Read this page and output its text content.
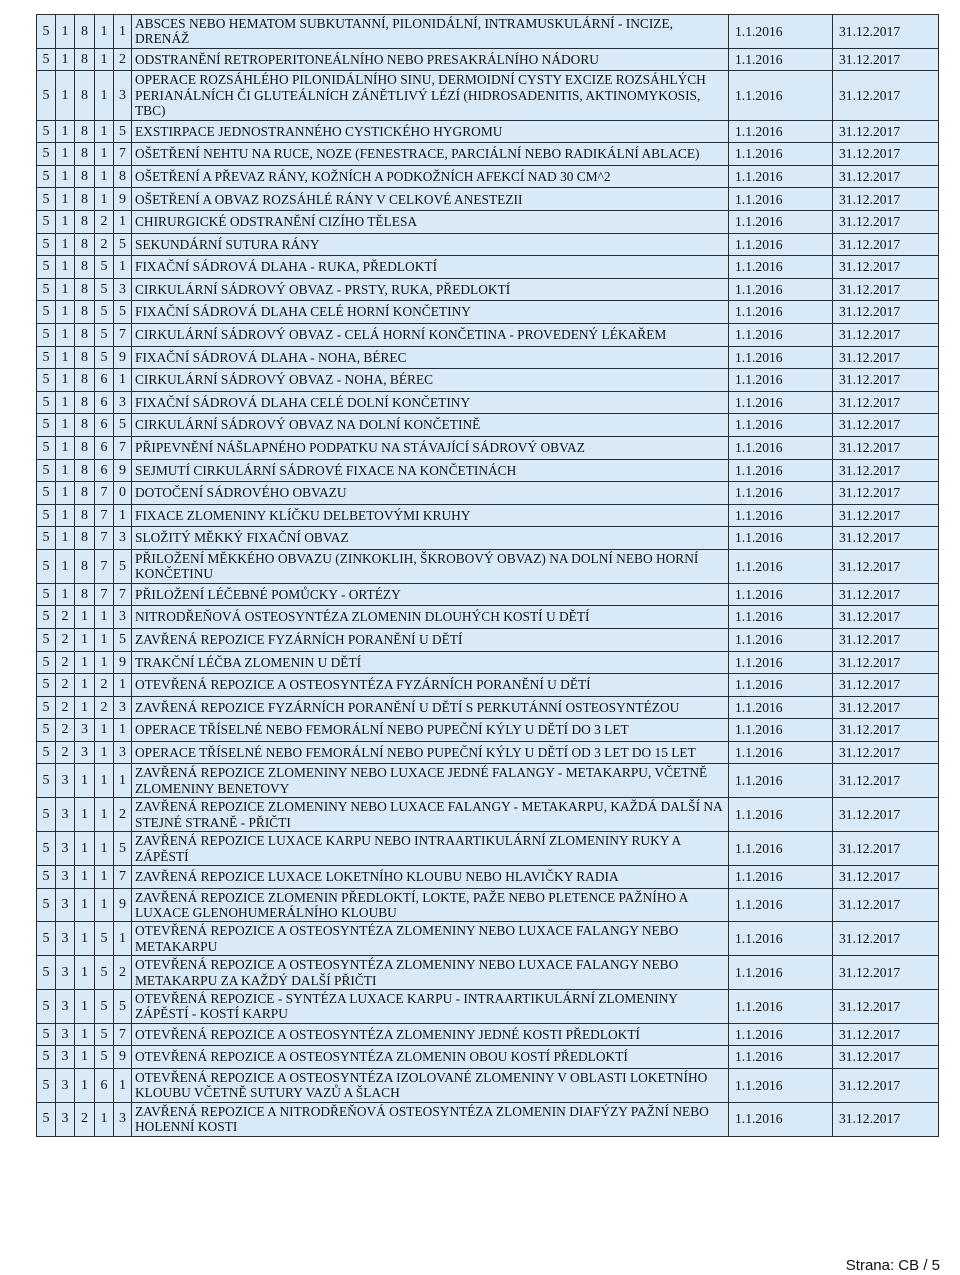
5	1	8	1	1	ABSCES NEBO HEMATOM SUBKUTANNÍ, PILONIDÁLNÍ, INTRAMUSKULÁRNÍ - INCIZE, DRENÁŽ	1.1.2016	31.12.2017
5	1	8	1	2	ODSTRANĚNÍ RETROPERITONEÁLNÍHO NEBO PRESAKRÁLNÍHO NÁDORU	1.1.2016	31.12.2017
5	1	8	1	3	OPERACE ROZSÁHLÉHO PILONIDÁLNÍHO SINU, DERMOIDNÍ CYSTY EXCIZE ROZSÁHLÝCH PERIANÁLNÍCH ČI GLUTEÁLNÍCH ZÁNĚTLIVÝ LÉZÍ (HIDROSADENITIS, AKTINOMYKOSIS, TBC)	1.1.2016	31.12.2017
5	1	8	1	5	EXSTIRPACE JEDNOSTRANNÉHO CYSTICKÉHO HYGROMU	1.1.2016	31.12.2017
5	1	8	1	7	OŠETŘENÍ NEHTU NA RUCE, NOZE (FENESTRACE, PARCIÁLNÍ NEBO RADIKÁLNÍ ABLACE)	1.1.2016	31.12.2017
5	1	8	1	8	OŠETŘENÍ A PŘEVAZ RÁNY, KOŽNÍCH A PODKOŽNÍCH AFEKCÍ NAD 30 CM^2	1.1.2016	31.12.2017
5	1	8	1	9	OŠETŘENÍ A OBVAZ ROZSÁHLÉ RÁNY V CELKOVÉ ANESTEZII	1.1.2016	31.12.2017
5	1	8	2	1	CHIRURGICKÉ ODSTRANĚNÍ CIZÍHO TĚLESA	1.1.2016	31.12.2017
5	1	8	2	5	SEKUNDÁRNÍ SUTURA RÁNY	1.1.2016	31.12.2017
5	1	8	5	1	FIXAČNÍ SÁDROVÁ DLAHA - RUKA, PŘEDLOKTÍ	1.1.2016	31.12.2017
5	1	8	5	3	CIRKULÁRNÍ SÁDROVÝ OBVAZ - PRSTY, RUKA, PŘEDLOKTÍ	1.1.2016	31.12.2017
5	1	8	5	5	FIXAČNÍ SÁDROVÁ DLAHA CELÉ HORNÍ KONČETINY	1.1.2016	31.12.2017
5	1	8	5	7	CIRKULÁRNÍ SÁDROVÝ OBVAZ - CELÁ HORNÍ KONČETINA - PROVEDENÝ LÉKAŘEM	1.1.2016	31.12.2017
5	1	8	5	9	FIXAČNÍ SÁDROVÁ DLAHA - NOHA, BÉREC	1.1.2016	31.12.2017
5	1	8	6	1	CIRKULÁRNÍ SÁDROVÝ OBVAZ - NOHA, BÉREC	1.1.2016	31.12.2017
5	1	8	6	3	FIXAČNÍ SÁDROVÁ DLAHA CELÉ DOLNÍ KONČETINY	1.1.2016	31.12.2017
5	1	8	6	5	CIRKULÁRNÍ SÁDROVÝ OBVAZ NA DOLNÍ KONČETINĚ	1.1.2016	31.12.2017
5	1	8	6	7	PŘIPEVNĚNÍ NÁŠLAPNÉHO PODPATKU NA STÁVAJÍCÍ SÁDROVÝ OBVAZ	1.1.2016	31.12.2017
5	1	8	6	9	SEJMUTÍ CIRKULÁRNÍ SÁDROVÉ FIXACE NA KONČETINÁCH	1.1.2016	31.12.2017
5	1	8	7	0	DOTOČENÍ SÁDROVÉHO OBVAZU	1.1.2016	31.12.2017
5	1	8	7	1	FIXACE ZLOMENINY KLÍČKU DELBETOVÝMI KRUHY	1.1.2016	31.12.2017
5	1	8	7	3	SLOŽITÝ MĚKKÝ FIXAČNÍ OBVAZ	1.1.2016	31.12.2017
5	1	8	7	5	PŘILOŽENÍ MĚKKÉHO OBVAZU (ZINKOKLIH, ŠKROBOVÝ OBVAZ) NA DOLNÍ NEBO HORNÍ KONČETINU	1.1.2016	31.12.2017
5	1	8	7	7	PŘILOŽENÍ LÉČEBNÉ POMŮCKY - ORTÉZY	1.1.2016	31.12.2017
5	2	1	1	3	NITRODŘEŇOVÁ OSTEOSYNTÉZA ZLOMENIN DLOUHÝCH KOSTÍ U DĚTÍ	1.1.2016	31.12.2017
5	2	1	1	5	ZAVŘENÁ REPOZICE FYZÁRNÍCH PORANĚNÍ U DĚTÍ	1.1.2016	31.12.2017
5	2	1	1	9	TRAKČNÍ LÉČBA ZLOMENIN U DĚTÍ	1.1.2016	31.12.2017
5	2	1	2	1	OTEVŘENÁ REPOZICE A OSTEOSYNTÉZA FYZÁRNÍCH PORANĚNÍ U DĚTÍ	1.1.2016	31.12.2017
5	2	1	2	3	ZAVŘENÁ REPOZICE FYZÁRNÍCH PORANĚNÍ U DĚTÍ S PERKUTÁNNÍ OSTEOSYNTÉZOU	1.1.2016	31.12.2017
5	2	3	1	1	OPERACE TŘÍSELNÉ NEBO FEMORÁLNÍ NEBO PUPEČNÍ KÝLY U DĚTÍ DO 3 LET	1.1.2016	31.12.2017
5	2	3	1	3	OPERACE TŘÍSELNÉ NEBO FEMORÁLNÍ NEBO PUPEČNÍ KÝLY U DĚTÍ OD 3 LET DO 15 LET	1.1.2016	31.12.2017
5	3	1	1	1	ZAVŘENÁ REPOZICE ZLOMENINY NEBO LUXACE JEDNÉ FALANGY - METAKARPU, VČETNĚ ZLOMENINY BENETOVY	1.1.2016	31.12.2017
5	3	1	1	2	ZAVŘENÁ REPOZICE ZLOMENINY NEBO LUXACE FALANGY - METAKARPU, KAŽDÁ DALŠÍ NA STEJNÉ STRANĚ - PŘIČTI	1.1.2016	31.12.2017
5	3	1	1	5	ZAVŘENÁ REPOZICE LUXACE KARPU NEBO INTRAARTIKULÁRNÍ ZLOMENINY RUKY A ZÁPĚSTÍ	1.1.2016	31.12.2017
5	3	1	1	7	ZAVŘENÁ REPOZICE LUXACE LOKETNÍHO KLOUBU NEBO HLAVIČKY RADIA	1.1.2016	31.12.2017
5	3	1	1	9	ZAVŘENÁ REPOZICE ZLOMENIN PŘEDLOKTÍ, LOKTE, PAŽE NEBO PLETENCE PAŽNÍHO A LUXACE GLENOHUMERÁLNÍHO KLOUBU	1.1.2016	31.12.2017
5	3	1	5	1	OTEVŘENÁ REPOZICE A OSTEOSYNTÉZA ZLOMENINY NEBO LUXACE FALANGY NEBO METAKARPU	1.1.2016	31.12.2017
5	3	1	5	2	OTEVŘENÁ REPOZICE A OSTEOSYNTÉZA ZLOMENINY NEBO LUXACE FALANGY NEBO METAKARPU ZA KAŽDÝ DALŠÍ PŘIČTI	1.1.2016	31.12.2017
5	3	1	5	5	OTEVŘENÁ REPOZICE - SYNTÉZA LUXACE KARPU - INTRAARTIKULÁRNÍ ZLOMENINY ZÁPĚSTÍ - KOSTÍ KARPU	1.1.2016	31.12.2017
5	3	1	5	7	OTEVŘENÁ REPOZICE A OSTEOSYNTÉZA ZLOMENINY JEDNÉ KOSTI PŘEDLOKTÍ	1.1.2016	31.12.2017
5	3	1	5	9	OTEVŘENÁ REPOZICE A OSTEOSYNTÉZA ZLOMENIN OBOU KOSTÍ PŘEDLOKTÍ	1.1.2016	31.12.2017
5	3	1	6	1	OTEVŘENÁ REPOZICE A OSTEOSYNTÉZA IZOLOVANÉ ZLOMENINY V OBLASTI LOKETNÍHO KLOUBU VČETNĚ SUTURY VAZŮ A ŠLACH	1.1.2016	31.12.2017
5	3	2	1	3	ZAVŘENÁ REPOZICE A NITRODŘEŇOVÁ OSTEOSYNTÉZA ZLOMENIN DIAFÝZY PAŽNÍ NEBO HOLENNÍ KOSTI	1.1.2016	31.12.2017
Strana: CB / 5
